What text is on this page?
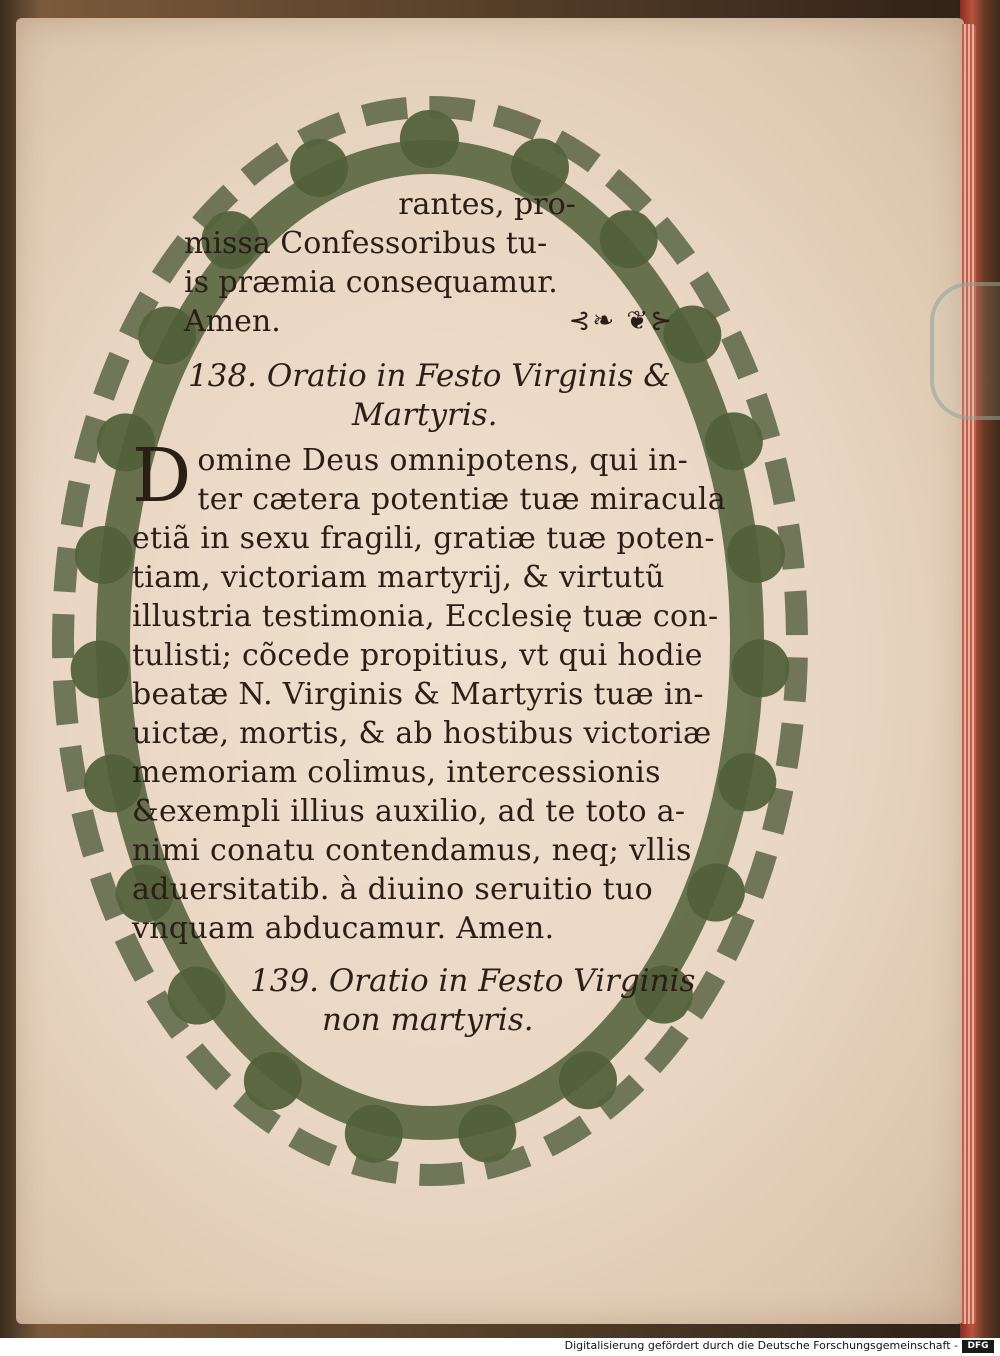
rantes, pro-
missa Confessoribus tu-
is præmia consequamur.
Amen.	⊰❧ ❦⊱
138. Oratio in Festo Virginis &
Martyris.
D omine Deus omnipotens, qui in-
ter cætera potentiæ tuæ miracula
etiã in sexu fragili, gratiæ tuæ poten-
tiam, victoriam martyrij, & virtutũ
illustria testimonia, Ecclesię tuæ con-
tulisti; cõcede propitius, vt qui hodie
beatæ N. Virginis & Martyris tuæ in-
uictæ, mortis, & ab hostibus victoriæ
memoriam colimus, intercessionis
&exempli illius auxilio, ad te toto a-
nimi conatu contendamus, neq; vllis
aduersitatib. à diuino seruitio tuo
vnquam abducamur. Amen.
139. Oratio in Festo Virginis
non martyris.
Digitalisierung gefördert durch die Deutsche Forschungsgemeinschaft -	DFG
